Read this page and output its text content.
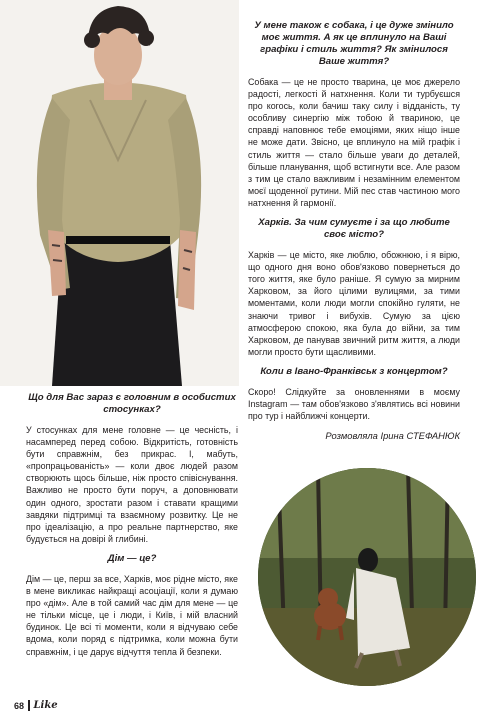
У мене також є собака, і це дуже змінило моє життя. А як це вплинуло на Ваші графіки і стиль життя? Як змінилося Ваше життя?
Собака — це не просто тварина, це моє джерело радості, легкості й натхнення. Коли ти турбуєшся про когось, коли бачиш таку силу і відданість, ту особливу синергію між тобою й твариною, це справді наповнює тебе емоціями, яких ніщо інше не може дати. Звісно, це вплинуло на мій графік і стиль життя — стало більше уваги до деталей, більше планування, щоб встигнути все. Але разом з тим це стало важливим і незамінним елементом моєї щоденної рутини. Мій пес став частиною мого натхнення й гармонії.
Харків. За чим сумуєте і за що любите своє місто?
Харків — це місто, яке люблю, обожнюю, і я вірю, що одного дня воно обов'язково повернеться до того життя, яке було раніше. Я сумую за мирним Харковом, за його цілими вулицями, за тими моментами, коли люди могли спокійно гуляти, не знаючи тривог і вибухів. Сумую за цією атмосферою спокою, яка була до війни, за тим Харковом, де панував звичний ритм життя, а люди могли просто бути щасливими.
Коли в Івано-Франківськ з концертом?
Скоро! Слідкуйте за оновленнями в моєму Instagram — там обов'язково з'являтись всі новини про тур і найближчі концерти.
Розмовляла Ірина СТЕФАНЮК
Що для Вас зараз є головним в особистих стосунках?
У стосунках для мене головне — це чесність, і насамперед перед собою. Відкритість, готовність бути справжнім, без прикрас. І, мабуть, «пропрацьованість» — коли двоє людей разом створюють щось більше, ніж просто співіснування. Важливо не просто бути поруч, а доповнювати один одного, зростати разом і ставати кращими завдяки підтримці та взаємному розвитку. Це не про ідеалізацію, а про реальне партнерство, яке будується на довірі й глибині.
Дім — це?
Дім — це, перш за все, Харків, моє рідне місто, яке в мене викликає найкращі асоціації, коли я думаю про «дім». Але в той самий час дім для мене — це не тільки місце, це і люди, і Київ, і мій власний будинок. Це всі ті моменти, коли я відчуваю себе вдома, коли поряд є підтримка, коли можна бути справжнім, і це дарує відчуття тепла й безпеки.
68 Like
